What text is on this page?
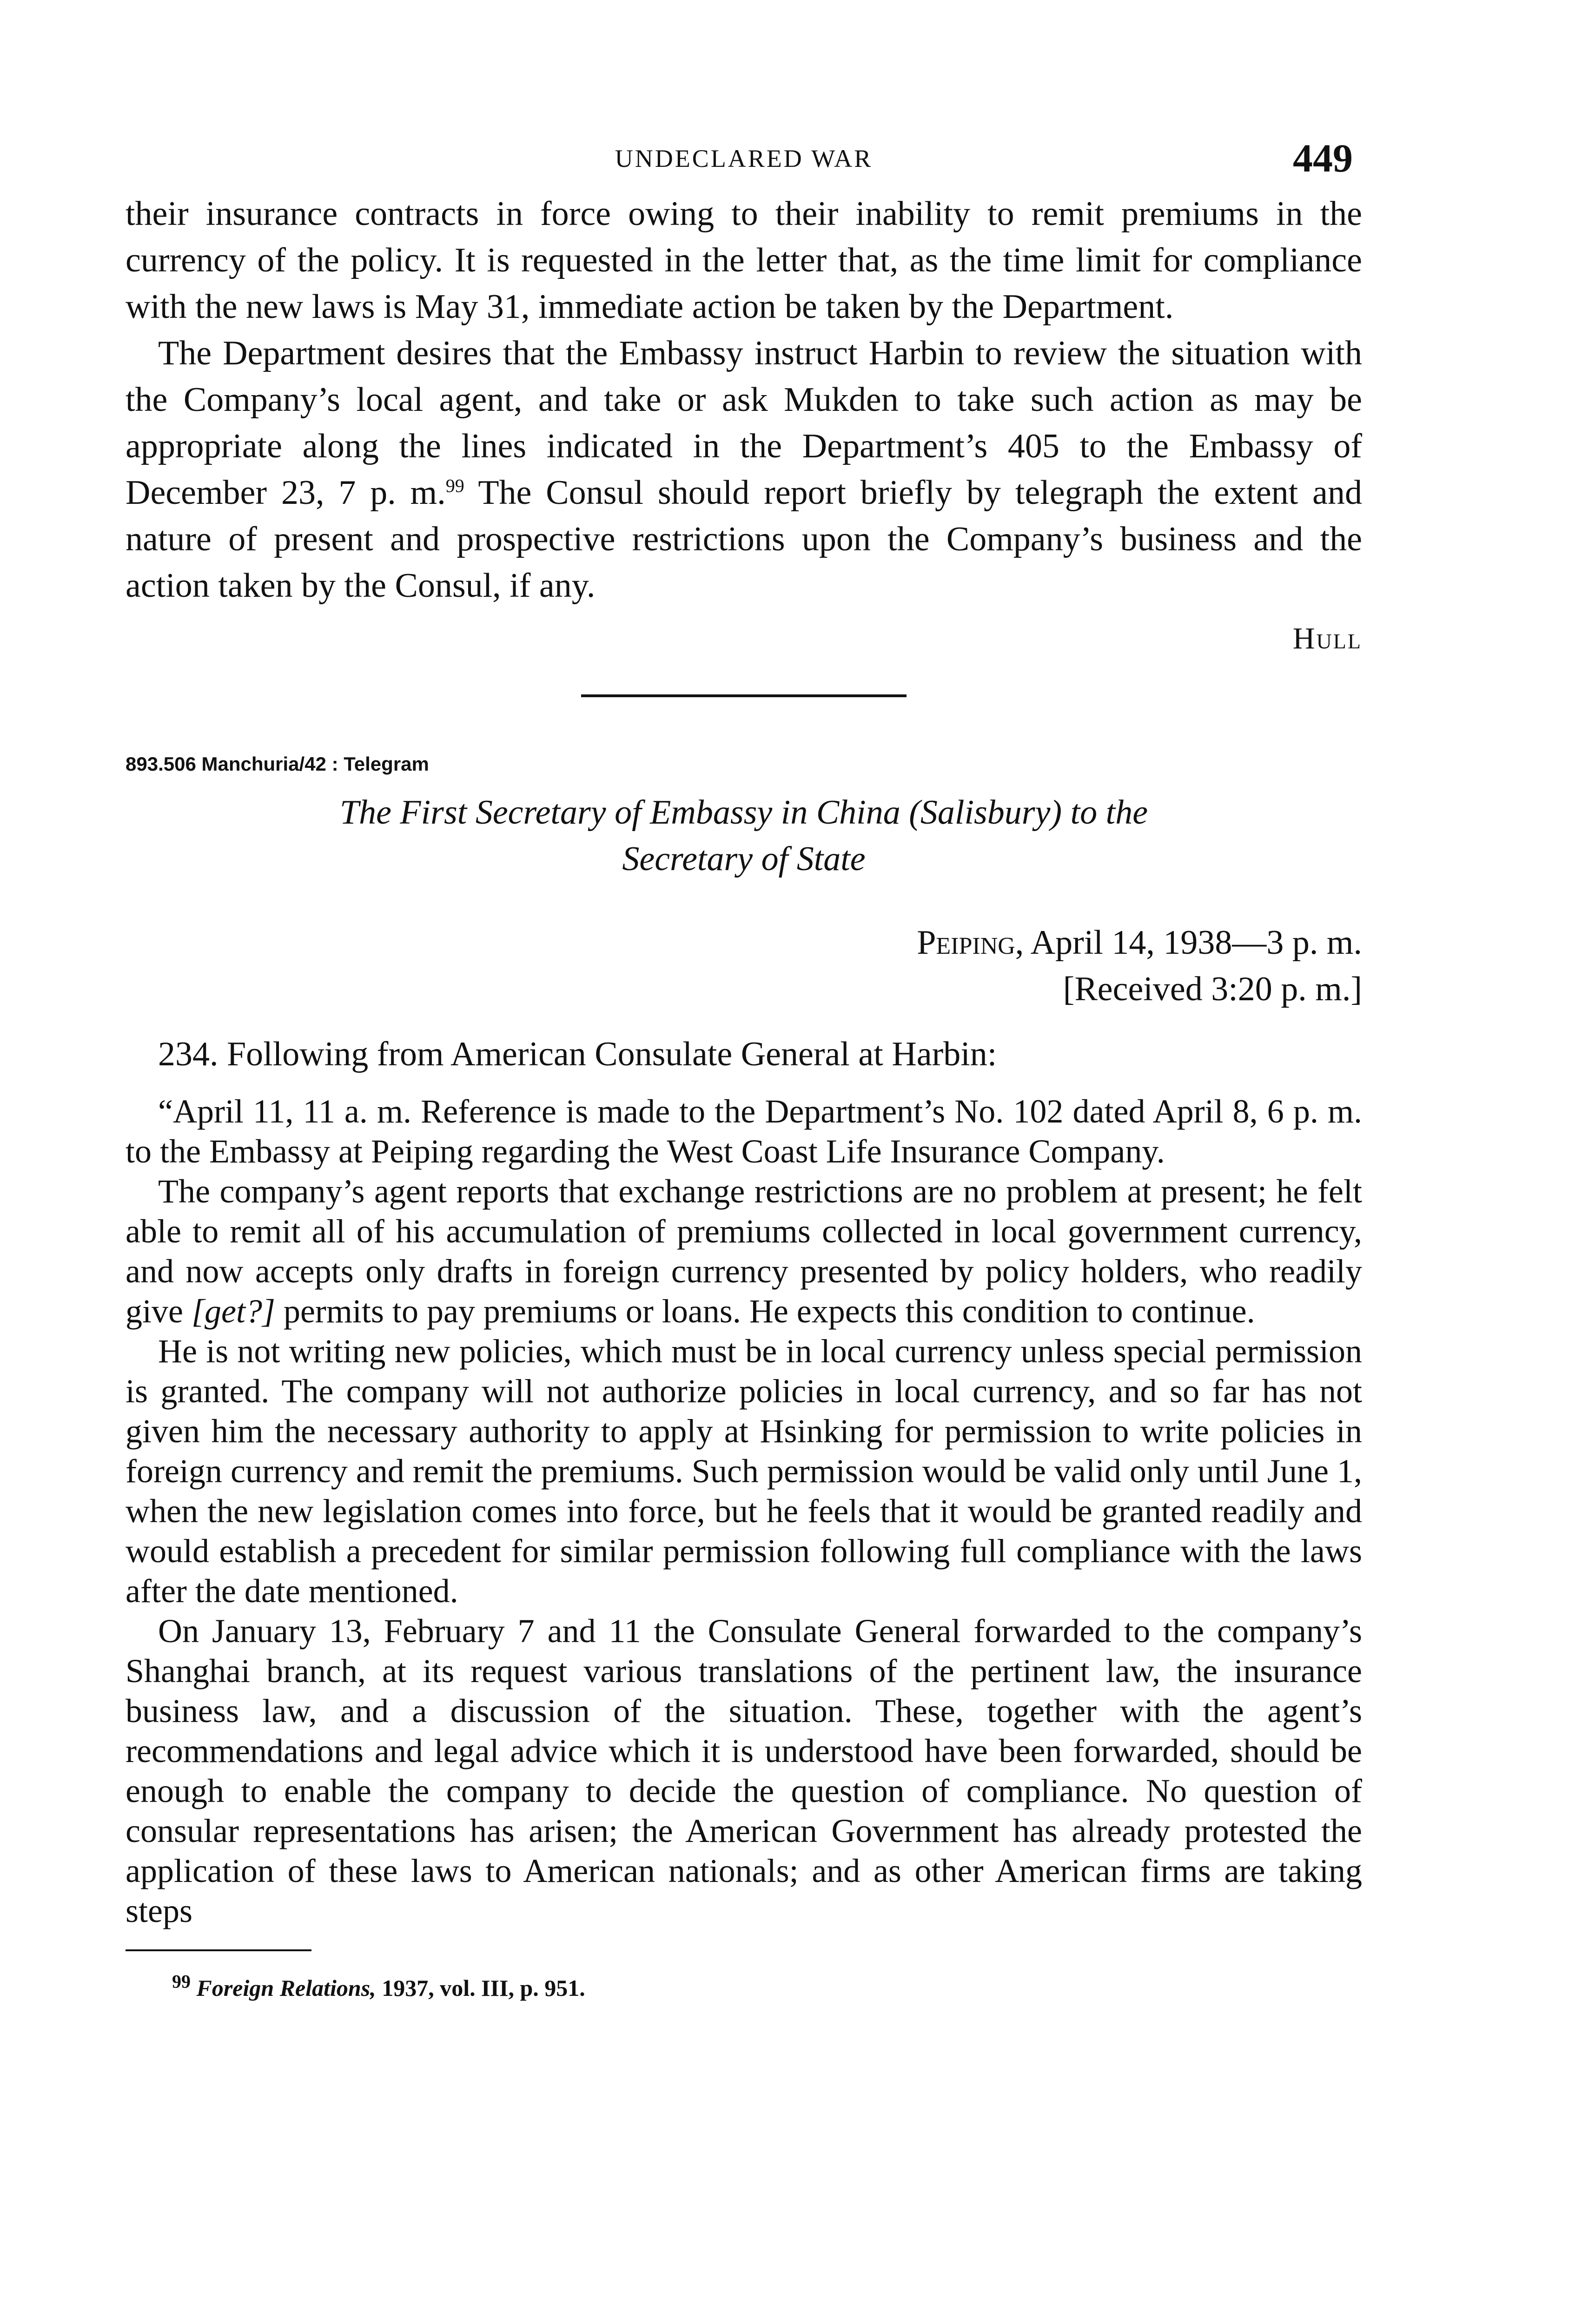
UNDECLARED WAR	449

their insurance contracts in force owing to their inability to remit premiums in the currency of the policy. It is requested in the letter that, as the time limit for compliance with the new laws is May 31, immediate action be taken by the Department.

The Department desires that the Embassy instruct Harbin to review the situation with the Company’s local agent, and take or ask Mukden to take such action as may be appropriate along the lines indicated in the Department’s 405 to the Embassy of December 23, 7 p. m.$^{99}$ The Consul should report briefly by telegraph the extent and nature of present and prospective restrictions upon the Company’s business and the action taken by the Consul, if any.

Hull
893.506 Manchuria/42 : Telegram
The First Secretary of Embassy in China (Salisbury) to the
Secretary of State
Peiping, April 14, 1938—3 p. m.
[Received 3:20 p. m.]

234. Following from American Consulate General at Harbin:

“April 11, 11 a. m. Reference is made to the Department’s No. 102 dated April 8, 6 p. m. to the Embassy at Peiping regarding the West Coast Life Insurance Company.

The company’s agent reports that exchange restrictions are no problem at present; he felt able to remit all of his accumulation of premiums collected in local government currency, and now accepts only drafts in foreign currency presented by policy holders, who readily give [get?] permits to pay premiums or loans. He expects this condition to continue.

He is not writing new policies, which must be in local currency unless special permission is granted. The company will not authorize policies in local currency, and so far has not given him the necessary authority to apply at Hsinking for permission to write policies in foreign currency and remit the premiums. Such permission would be valid only until June 1, when the new legislation comes into force, but he feels that it would be granted readily and would establish a precedent for similar permission following full compliance with the laws after the date mentioned.

On January 13, February 7 and 11 the Consulate General forwarded to the company’s Shanghai branch, at its request various translations of the pertinent law, the insurance business law, and a discussion of the situation. These, together with the agent’s recommendations and legal advice which it is understood have been forwarded, should be enough to enable the company to decide the question of compliance. No question of consular representations has arisen; the American Government has already protested the application of these laws to American nationals; and as other American firms are taking steps

$^{99}$ Foreign Relations, 1937, vol. III, p. 951.
